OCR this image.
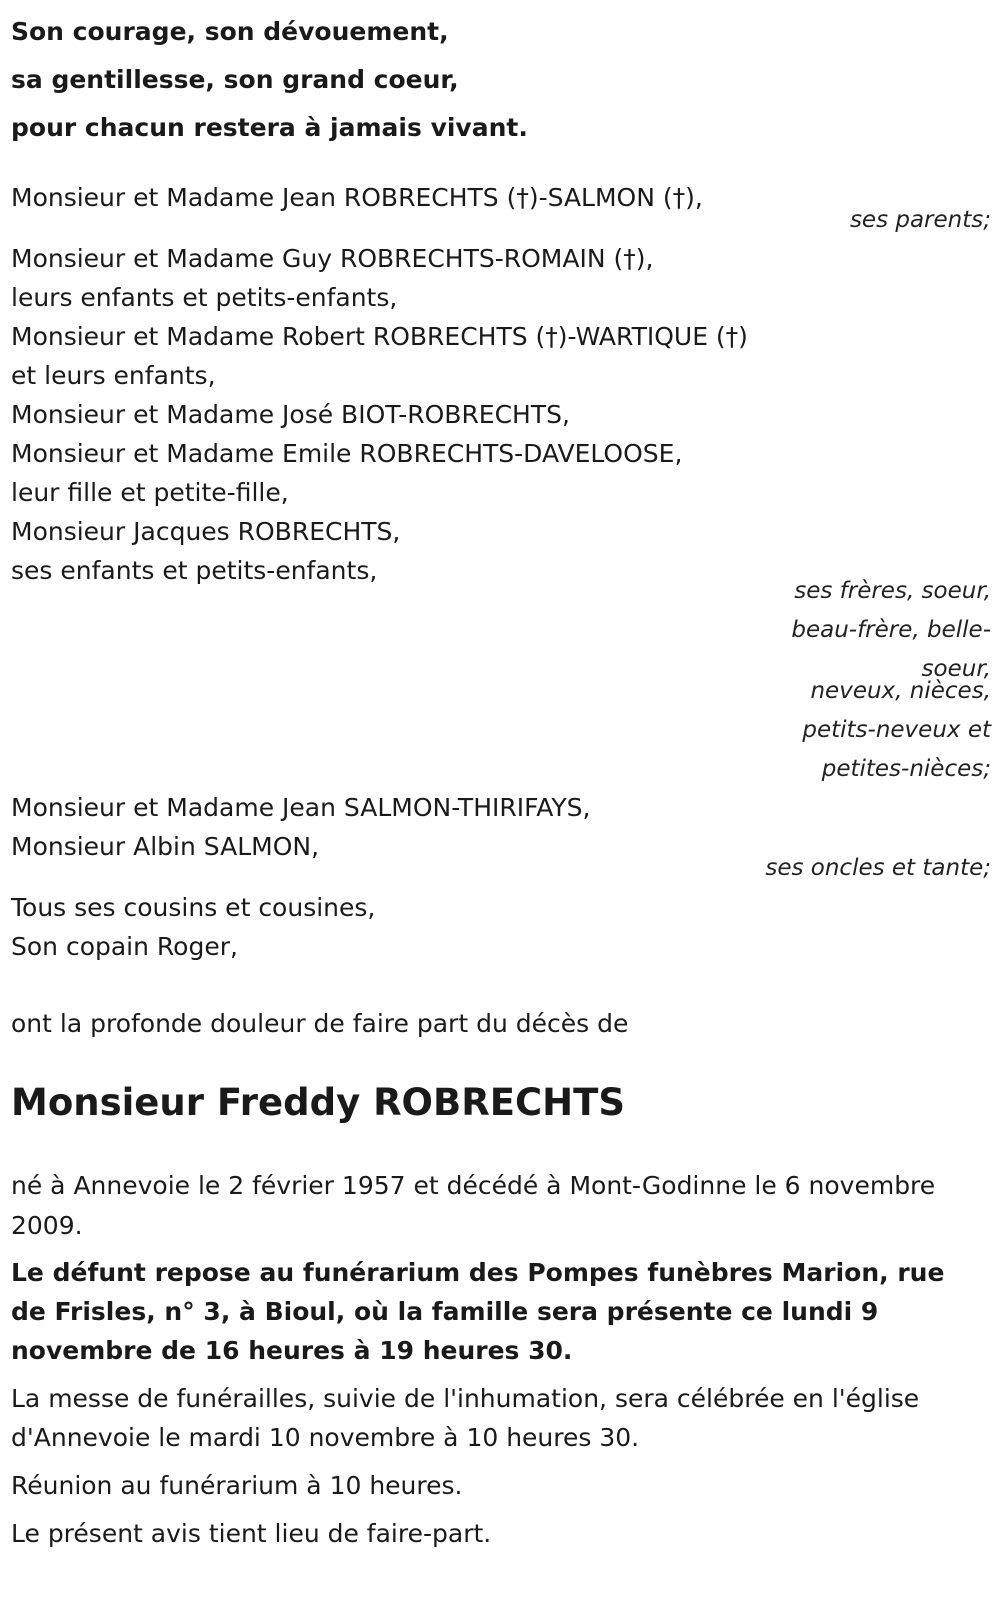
Son courage, son dévouement,
sa gentillesse, son grand coeur,
pour chacun restera à jamais vivant.
Monsieur et Madame Jean ROBRECHTS (†)-SALMON (†),
ses parents;
Monsieur et Madame Guy ROBRECHTS-ROMAIN (†),
leurs enfants et petits-enfants,
Monsieur et Madame Robert ROBRECHTS (†)-WARTIQUE (†)
et leurs enfants,
Monsieur et Madame José BIOT-ROBRECHTS,
Monsieur et Madame Emile ROBRECHTS-DAVELOOSE,
leur fille et petite-fille,
Monsieur Jacques ROBRECHTS,
ses enfants et petits-enfants,
ses frères, soeur,
beau-frère, belle-
soeur,
neveux, nièces,
petits-neveux et
petites-nièces;
Monsieur et Madame Jean SALMON-THIRIFAYS,
Monsieur Albin SALMON,
ses oncles et tante;
Tous ses cousins et cousines,
Son copain Roger,
ont la profonde douleur de faire part du décès de
Monsieur Freddy ROBRECHTS

né à Annevoie le 2 février 1957 et décédé à Mont-Godinne le 6 novembre 2009.

Le défunt repose au funérarium des Pompes funèbres Marion, rue de Frisles, n° 3, à Bioul, où la famille sera présente ce lundi 9 novembre de 16 heures à 19 heures 30.

La messe de funérailles, suivie de l'inhumation, sera célébrée en l'église d'Annevoie le mardi 10 novembre à 10 heures 30.

Réunion au funérarium à 10 heures.

Le présent avis tient lieu de faire-part.
